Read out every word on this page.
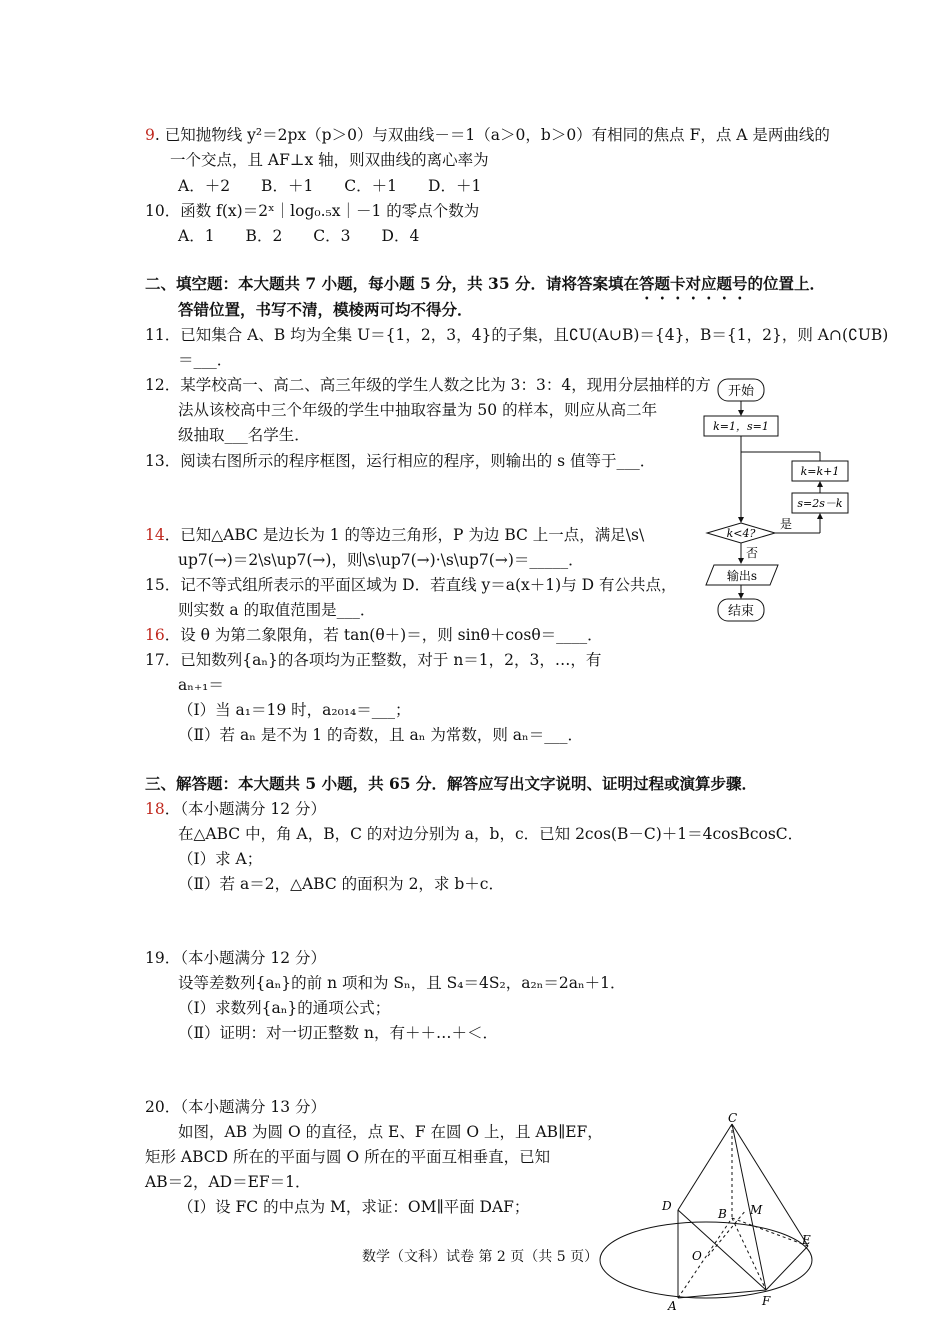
9. 已知抛物线 y²＝2px（p＞0）与双曲线－＝1（a＞0，b＞0）有相同的焦点 F，点 A 是两曲线的
一个交点，且 AF⊥x 轴，则双曲线的离心率为
A．＋2　　B．＋1　　C．＋1　　D．＋1
10．函数 f(x)＝2ˣ｜log₀.₅x｜－1 的零点个数为
A．1　　B．2　　C．3　　D．4
二、填空题：本大题共 7 小题，每小题 5 分，共 35 分．请将答案填在答题卡对应题号的位置上．
答错位置，书写不清，模棱两可均不得分．
11．已知集合 A、B 均为全集 U＝{1，2，3，4}的子集，且∁U(A∪B)＝{4}，B＝{1，2}，则 A∩(∁UB)
＝___．
12．某学校高一、高二、高三年级的学生人数之比为 3：3：4，现用分层抽样的方
法从该校高中三个年级的学生中抽取容量为 50 的样本，则应从高二年
级抽取___名学生．
13．阅读右图所示的程序框图，运行相应的程序，则输出的 s 值等于___．
14．已知△ABC 是边长为 1 的等边三角形，P 为边 BC 上一点，满足\s\
up7(→)＝2\s\up7(→)，则\s\up7(→)·\s\up7(→)＝_____．
15．记不等式组所表示的平面区域为 D．若直线 y＝a(x＋1)与 D 有公共点，
则实数 a 的取值范围是___．
16．设 θ 为第二象限角，若 tan(θ＋)＝，则 sinθ＋cosθ＝____．
17．已知数列{aₙ}的各项均为正整数，对于 n＝1，2，3，…，有
aₙ₊₁＝
（Ⅰ）当 a₁＝19 时，a₂₀₁₄＝___；
（Ⅱ）若 aₙ 是不为 1 的奇数，且 aₙ 为常数，则 aₙ＝___．
三、解答题：本大题共 5 小题，共 65 分．解答应写出文字说明、证明过程或演算步骤．
18．（本小题满分 12 分）
在△ABC 中，角 A，B，C 的对边分别为 a，b，c．已知 2cos(B－C)＋1＝4cosBcosC．
（Ⅰ）求 A；
（Ⅱ）若 a＝2，△ABC 的面积为 2，求 b＋c．
19．（本小题满分 12 分）
设等差数列{aₙ}的前 n 项和为 Sₙ，且 S₄＝4S₂，a₂ₙ＝2aₙ＋1．
（Ⅰ）求数列{aₙ}的通项公式；
（Ⅱ）证明：对一切正整数 n，有＋＋…＋＜．
20．（本小题满分 13 分）
如图，AB 为圆 O 的直径，点 E、F 在圆 O 上，且 AB∥EF，
矩形 ABCD 所在的平面与圆 O 所在的平面互相垂直，已知
AB＝2，AD＝EF＝1．
（Ⅰ）设 FC 的中点为 M，求证：OM∥平面 DAF；
开始
k=1，s=1
k=k+1
s=2s－k
k<4?
是
否
输出s
结束
C
D
B M
E
O
A	F
数学（文科）试卷 第 2 页（共 5 页）
